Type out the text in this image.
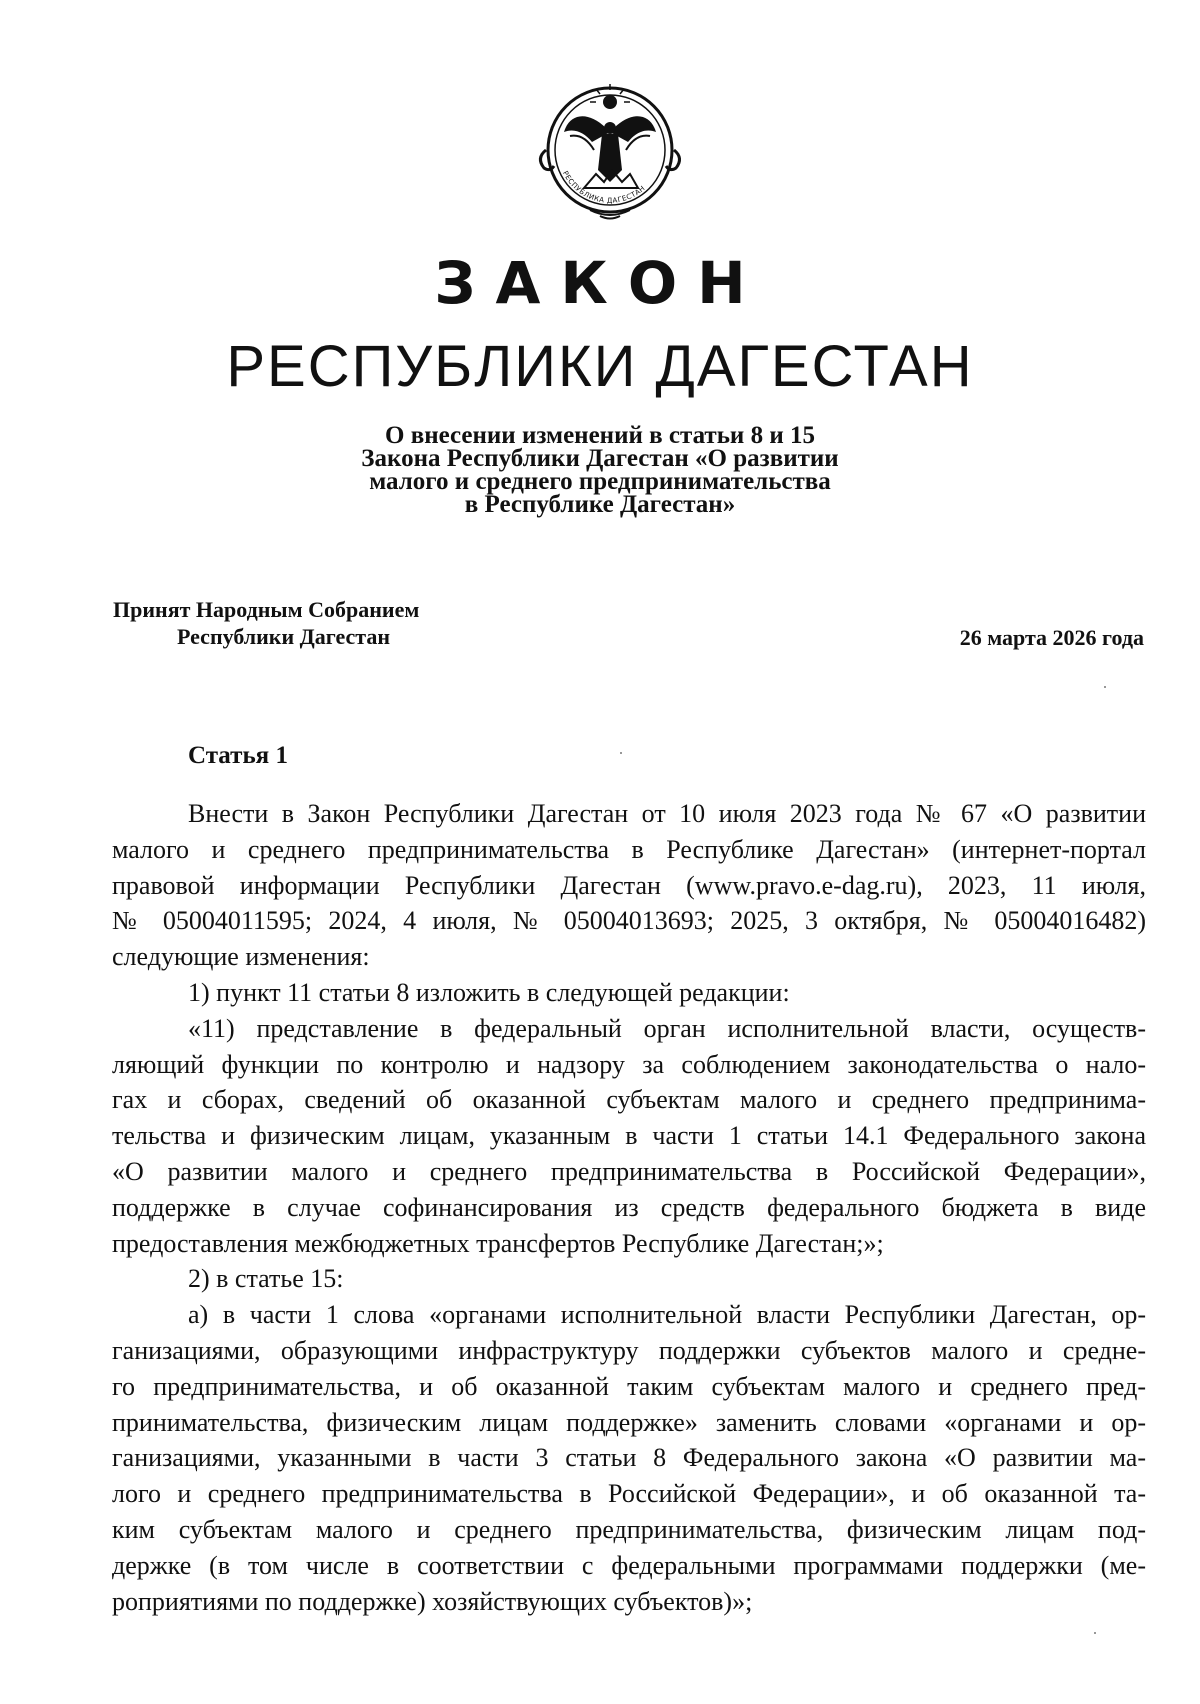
РЕСПУБЛИКА ДАГЕСТАН
ЗАКОН
РЕСПУБЛИКИ ДАГЕСТАН
О внесении изменений в статьи 8 и 15
Закона Республики Дагестан «О развитии
малого и среднего предпринимательства
в Республике Дагестан»
Принят Народным Собранием
Республики Дагестан	26 марта 2026 года
Статья 1
Внести в Закон Республики Дагестан от 10 июля 2023 года № 67 «О развитии
малого и среднего предпринимательства в Республике Дагестан» (интернет-портал
правовой информации Республики Дагестан (www.pravo.e-dag.ru), 2023, 11 июля,
№ 05004011595; 2024, 4 июля, № 05004013693; 2025, 3 октября, № 05004016482)
следующие изменения:
1) пункт 11 статьи 8 изложить в следующей редакции:
«11) представление в федеральный орган исполнительной власти, осуществ-
ляющий функции по контролю и надзору за соблюдением законодательства о нало-
гах и сборах, сведений об оказанной субъектам малого и среднего предпринима-
тельства и физическим лицам, указанным в части 1 статьи 14.1 Федерального закона
«О развитии малого и среднего предпринимательства в Российской Федерации»,
поддержке в случае софинансирования из средств федерального бюджета в виде
предоставления межбюджетных трансфертов Республике Дагестан;»;
2) в статье 15:
а) в части 1 слова «органами исполнительной власти Республики Дагестан, ор-
ганизациями, образующими инфраструктуру поддержки субъектов малого и средне-
го предпринимательства, и об оказанной таким субъектам малого и среднего пред-
принимательства, физическим лицам поддержке» заменить словами «органами и ор-
ганизациями, указанными в части 3 статьи 8 Федерального закона «О развитии ма-
лого и среднего предпринимательства в Российской Федерации», и об оказанной та-
ким субъектам малого и среднего предпринимательства, физическим лицам под-
держке (в том числе в соответствии с федеральными программами поддержки (ме-
роприятиями по поддержке) хозяйствующих субъектов)»;
